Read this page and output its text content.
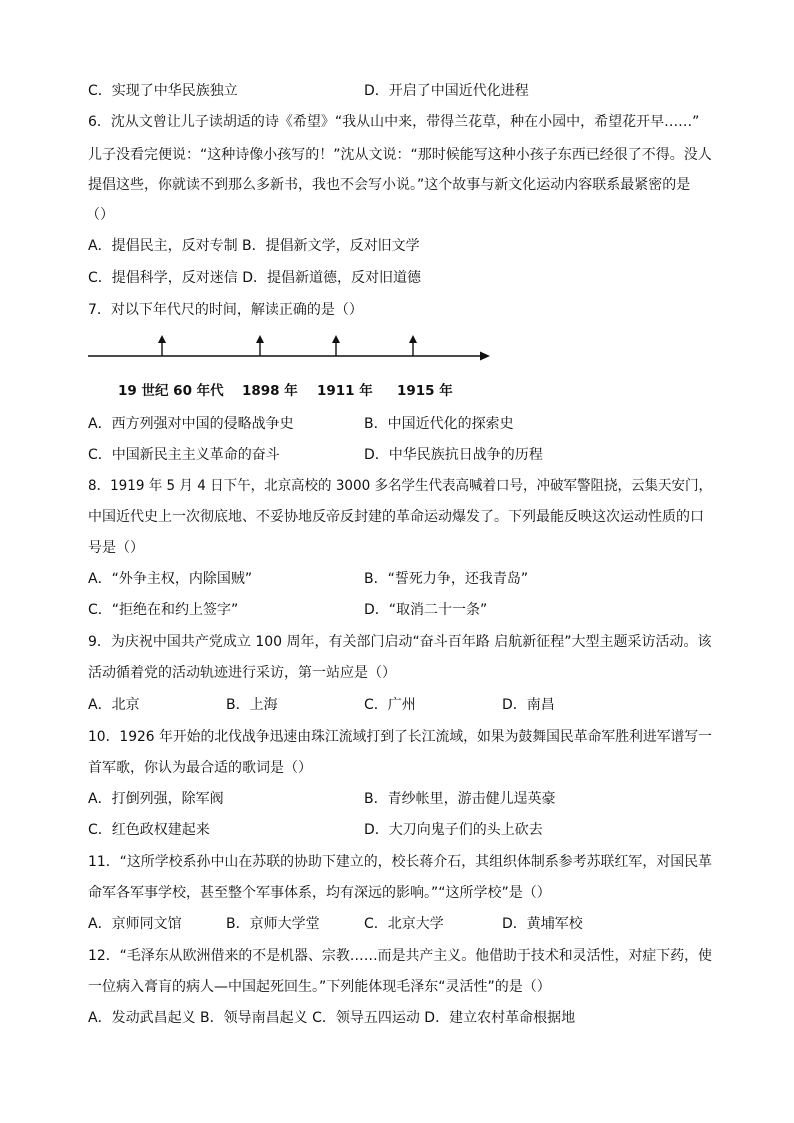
C．实现了中华民族独立	D．开启了中国近代化进程
6．沈从文曾让儿子读胡适的诗《希望》“我从山中来，带得兰花草，种在小园中，希望花开早……”
儿子没看完便说：“这种诗像小孩写的！”沈从文说：“那时候能写这种小孩子东西已经很了不得。没人
提倡这些，你就读不到那么多新书，我也不会写小说。”这个故事与新文化运动内容联系最紧密的是
（）
A．提倡民主，反对专制 B．提倡新文学，反对旧文学
C．提倡科学，反对迷信 D．提倡新道德，反对旧道德
7．对以下年代尺的时间，解读正确的是（）
19 世纪 60 年代 1898 年 1911 年 1915 年
A．西方列强对中国的侵略战争史	B．中国近代化的探索史
C．中国新民主主义革命的奋斗	D．中华民族抗日战争的历程
8．1919 年 5 月 4 日下午，北京高校的 3000 多名学生代表高喊着口号，冲破军警阻挠，云集天安门，
中国近代史上一次彻底地、不妥协地反帝反封建的革命运动爆发了。下列最能反映这次运动性质的口
号是（）
A．“外争主权，内除国贼”	B．“誓死力争，还我青岛”
C．“拒绝在和约上签字”	D．“取消二十一条”
9．为庆祝中国共产党成立 100 周年，有关部门启动“奋斗百年路 启航新征程”大型主题采访活动。该
活动循着党的活动轨迹进行采访，第一站应是（）
A．北京	B．上海	C．广州	D．南昌
10．1926 年开始的北伐战争迅速由珠江流域打到了长江流域，如果为鼓舞国民革命军胜利进军谱写一
首军歌，你认为最合适的歌词是（）
A．打倒列强，除军阀	B．青纱帐里，游击健儿逞英豪
C．红色政权建起来	D．大刀向鬼子们的头上砍去
11．“这所学校系孙中山在苏联的协助下建立的，校长蒋介石，其组织体制系参考苏联红军，对国民革
命军各军事学校，甚至整个军事体系，均有深远的影响。”“这所学校”是（）
A．京师同文馆	B．京师大学堂	C．北京大学	D．黄埔军校
12．“毛泽东从欧洲借来的不是机器、宗教……而是共产主义。他借助于技术和灵活性，对症下药，使
一位病入膏肓的病人—中国起死回生。”下列能体现毛泽东“灵活性”的是（）
A．发动武昌起义 B．领导南昌起义 C．领导五四运动 D．建立农村革命根据地
